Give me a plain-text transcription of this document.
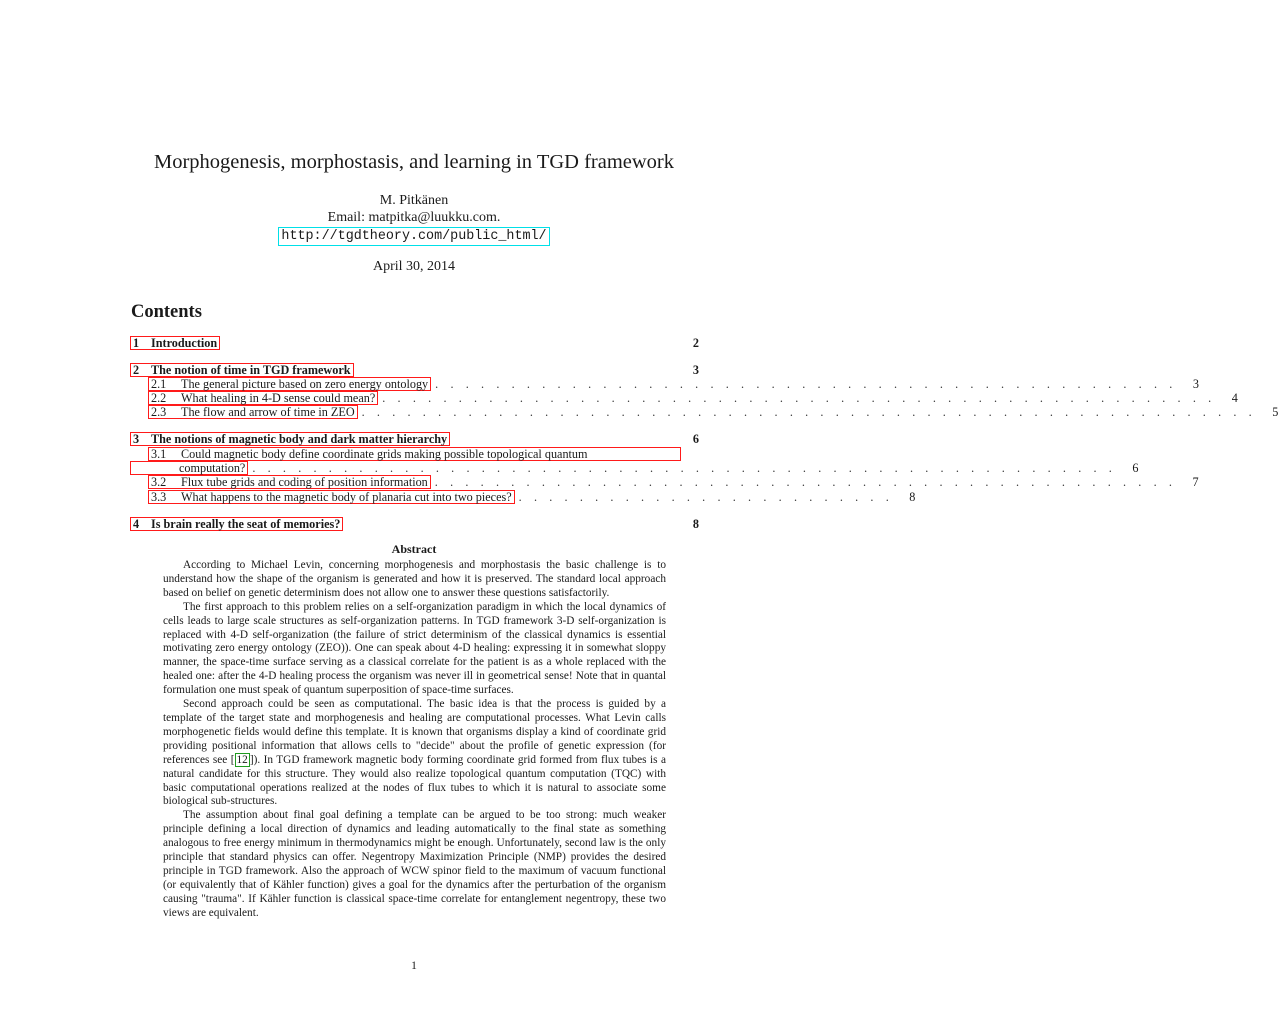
Morphogenesis, morphostasis, and learning in TGD framework
M. Pitkänen
Email: matpitka@luukku.com.
http://tgdtheory.com/public_html/
April 30, 2014
Contents
1 Introduction	2
2 The notion of time in TGD framework	3
2.1 The general picture based on zero energy ontology . . . . . . . . . . . . . . . . . . . . . . . . . . . . . . . . . . . . . . . . . . . . . . . . .	3
2.2 What healing in 4-D sense could mean? . . . . . . . . . . . . . . . . . . . . . . . . . . . . . . . . . . . . . . . . . . . . . . . . . . . . . . .	4
2.3 The flow and arrow of time in ZEO . . . . . . . . . . . . . . . . . . . . . . . . . . . . . . . . . . . . . . . . . . . . . . . . . . . . . . . . . . .	5
3 The notions of magnetic body and dark matter hierarchy	6
3.1 Could magnetic body define coordinate grids making possible topological quantum
computation? . . . . . . . . . . . . . . . . . . . . . . . . . . . . . . . . . . . . . . . . . . . . . . . . . . . . . . . . .	6
3.2 Flux tube grids and coding of position information . . . . . . . . . . . . . . . . . . . . . . . . . . . . . . . . . . . . . . . . . . . . . . . . .	7
3.3 What happens to the magnetic body of planaria cut into two pieces? . . . . . . . . . . . . . . . . . . . . . . . . .	8
4 Is brain really the seat of memories?	8
Abstract

According to Michael Levin, concerning morphogenesis and morphostasis the basic challenge is to understand how the shape of the organism is generated and how it is preserved. The standard local approach based on belief on genetic determinism does not allow one to answer these questions satisfactorily.

The first approach to this problem relies on a self-organization paradigm in which the local dynamics of cells leads to large scale structures as self-organization patterns. In TGD framework 3-D self-organization is replaced with 4-D self-organization (the failure of strict determinism of the classical dynamics is essential motivating zero energy ontology (ZEO)). One can speak about 4-D healing: expressing it in somewhat sloppy manner, the space-time surface serving as a classical correlate for the patient is as a whole replaced with the healed one: after the 4-D healing process the organism was never ill in geometrical sense! Note that in quantal formulation one must speak of quantum superposition of space-time surfaces.

Second approach could be seen as computational. The basic idea is that the process is guided by a template of the target state and morphogenesis and healing are computational processes. What Levin calls morphogenetic fields would define this template. It is known that organisms display a kind of coordinate grid providing positional information that allows cells to "decide" about the profile of genetic expression (for references see [ 12 ]). In TGD framework magnetic body forming coordinate grid formed from flux tubes is a natural candidate for this structure. They would also realize topological quantum computation (TQC) with basic computational operations realized at the nodes of flux tubes to which it is natural to associate some biological sub-structures.

The assumption about final goal defining a template can be argued to be too strong: much weaker principle defining a local direction of dynamics and leading automatically to the final state as something analogous to free energy minimum in thermodynamics might be enough. Unfortunately, second law is the only principle that standard physics can offer. Negentropy Maximization Principle (NMP) provides the desired principle in TGD framework. Also the approach of WCW spinor field to the maximum of vacuum functional (or equivalently that of Kähler function) gives a goal for the dynamics after the perturbation of the organism causing "trauma". If Kähler function is classical space-time correlate for entanglement negentropy, these two views are equivalent.

1
